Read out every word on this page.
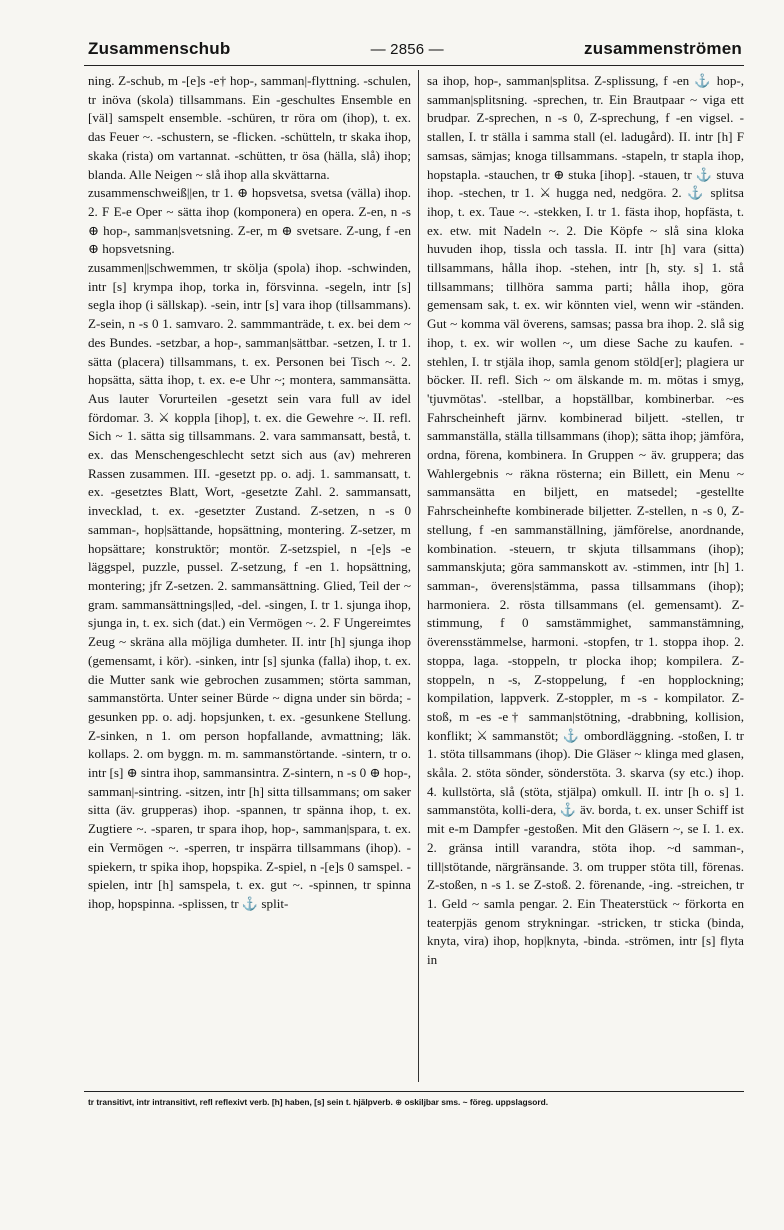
Zusammenschub	— 2856 —	zusammenströmen

ning. Z-schub, m -[e]s -e† hop-, samman|-flyttning. -schulen, tr inöva (skola) tillsammans. Ein -geschultes Ensemble en [väl] samspelt ensemble. -schüren, tr röra om (ihop), t. ex. das Feuer ~. -schustern, se -flicken. -schütteln, tr skaka ihop, skaka (rista) om vartannat. -schütten, tr ösa (hälla, slå) ihop; blanda. Alle Neigen ~ slå ihop alla skvättarna.

zusammenschweiß||en, tr 1. ⊕ hopsvetsa, svetsa (välla) ihop. 2. F E-e Oper ~ sätta ihop (komponera) en opera. Z-en, n -s ⊕ hop-, samman|svetsning. Z-er, m ⊕ svetsare. Z-ung, f -en ⊕ hopsvetsning.

zusammen||schwemmen, tr skölja (spola) ihop. -schwinden, intr [s] krympa ihop, torka in, försvinna. -segeln, intr [s] segla ihop (i sällskap). -sein, intr [s] vara ihop (tillsammans). Z-sein, n -s 0 1. samvaro. 2. sammmanträde, t. ex. bei dem ~ des Bundes. -setzbar, a hop-, samman|sättbar. -setzen, I. tr 1. sätta (placera) tillsammans, t. ex. Personen bei Tisch ~. 2. hopsätta, sätta ihop, t. ex. e-e Uhr ~; montera, sammansätta. Aus lauter Vorurteilen -gesetzt sein vara full av idel fördomar. 3. ⚔ koppla [ihop], t. ex. die Gewehre ~. II. refl. Sich ~ 1. sätta sig tillsammans. 2. vara sammansatt, bestå, t. ex. das Menschengeschlecht setzt sich aus (av) mehreren Rassen zusammen. III. -gesetzt pp. o. adj. 1. sammansatt, t. ex. -gesetztes Blatt, Wort, -gesetzte Zahl. 2. sammansatt, invecklad, t. ex. -gesetzter Zustand. Z-setzen, n -s 0 samman-, hop|sättande, hopsättning, montering. Z-setzer, m hopsättare; konstruktör; montör. Z-setzspiel, n -[e]s -e läggspel, puzzle, pussel. Z-setzung, f -en 1. hopsättning, montering; jfr Z-setzen. 2. sammansättning. Glied, Teil der ~ gram. sammansättnings|led, -del. -singen, I. tr 1. sjunga ihop, sjunga in, t. ex. sich (dat.) ein Vermögen ~. 2. F Ungereimtes Zeug ~ skräna alla möjliga dumheter. II. intr [h] sjunga ihop (gemensamt, i kör). -sinken, intr [s] sjunka (falla) ihop, t. ex. die Mutter sank wie gebrochen zusammen; störta samman, sammanstörta. Unter seiner Bürde ~ digna under sin börda; -gesunken pp. o. adj. hopsjunken, t. ex. -gesunkene Stellung. Z-sinken, n 1. om person hopfallande, avmattning; läk. kollaps. 2. om byggn. m. m. sammanstörtande. -sintern, tr o. intr [s] ⊕ sintra ihop, sammansintra. Z-sintern, n -s 0 ⊕ hop-, samman|-sintring. -sitzen, intr [h] sitta tillsammans; om saker sitta (äv. grupperas) ihop. -spannen, tr spänna ihop, t. ex. Zugtiere ~. -sparen, tr spara ihop, hop-, samman|spara, t. ex. ein Vermögen ~. -sperren, tr inspärra tillsammans (ihop). -spiekern, tr spika ihop, hopspika. Z-spiel, n -[e]s 0 samspel. -spielen, intr [h] samspela, t. ex. gut ~. -spinnen, tr spinna ihop, hopspinna. -splissen, tr ⚓ split-

sa ihop, hop-, samman|splitsa. Z-splissung, f -en ⚓ hop-, samman|splitsning. -sprechen, tr. Ein Brautpaar ~ viga ett brudpar. Z-sprechen, n -s 0, Z-sprechung, f -en vigsel. -stallen, I. tr ställa i samma stall (el. ladugård). II. intr [h] F samsas, sämjas; knoga tillsammans. -stapeln, tr stapla ihop, hopstapla. -stauchen, tr ⊕ stuka [ihop]. -stauen, tr ⚓ stuva ihop. -stechen, tr 1. ⚔ hugga ned, nedgöra. 2. ⚓ splitsa ihop, t. ex. Taue ~. -stekken, I. tr 1. fästa ihop, hopfästa, t. ex. etw. mit Nadeln ~. 2. Die Köpfe ~ slå sina kloka huvuden ihop, tissla och tassla. II. intr [h] vara (sitta) tillsammans, hålla ihop. -stehen, intr [h, sty. s] 1. stå tillsammans; tillhöra samma parti; hålla ihop, göra gemensam sak, t. ex. wir könnten viel, wenn wir -ständen. Gut ~ komma väl överens, samsas; passa bra ihop. 2. slå sig ihop, t. ex. wir wollen ~, um diese Sache zu kaufen. -stehlen, I. tr stjäla ihop, samla genom stöld[er]; plagiera ur böcker. II. refl. Sich ~ om älskande m. m. mötas i smyg, 'tjuvmötas'. -stellbar, a hopställbar, kombinerbar. ~es Fahrscheinheft järnv. kombinerad biljett. -stellen, tr sammanställa, ställa tillsammans (ihop); sätta ihop; jämföra, ordna, förena, kombinera. In Gruppen ~ äv. gruppera; das Wahlergebnis ~ räkna rösterna; ein Billett, ein Menu ~ sammansätta en biljett, en matsedel; -gestellte Fahrscheinhefte kombinerade biljetter. Z-stellen, n -s 0, Z-stellung, f -en sammanställning, jämförelse, anordnande, kombination. -steuern, tr skjuta tillsammans (ihop); sammanskjuta; göra sammanskott av. -stimmen, intr [h] 1. samman-, överens|stämma, passa tillsammans (ihop); harmoniera. 2. rösta tillsammans (el. gemensamt). Z-stimmung, f 0 samstämmighet, sammanstämning, överensstämmelse, harmoni. -stopfen, tr 1. stoppa ihop. 2. stoppa, laga. -stoppeln, tr plocka ihop; kompilera. Z-stoppeln, n -s, Z-stoppelung, f -en hopplockning; kompilation, lappverk. Z-stoppler, m -s - kompilator. Z-stoß, m -es -e† samman|stötning, -drabbning, kollision, konflikt; ⚔ sammanstöt; ⚓ ombordläggning. -stoßen, I. tr 1. stöta tillsammans (ihop). Die Gläser ~ klinga med glasen, skåla. 2. stöta sönder, sönderstöta. 3. skarva (sy etc.) ihop. 4. kullstörta, slå (stöta, stjälpa) omkull. II. intr [h o. s] 1. sammanstöta, kolli-dera, ⚓ äv. borda, t. ex. unser Schiff ist mit e-m Dampfer -gestoßen. Mit den Gläsern ~, se I. 1. ex. 2. gränsa intill varandra, stöta ihop. ~d samman-, till|stötande, närgränsande. 3. om trupper stöta till, förenas. Z-stoßen, n -s 1. se Z-stoß. 2. förenande, -ing. -streichen, tr 1. Geld ~ samla pengar. 2. Ein Theaterstück ~ förkorta en teaterpjäs genom strykningar. -stricken, tr sticka (binda, knyta, vira) ihop, hop|knyta, -binda. -strömen, intr [s] flyta in

tr transitivt, intr intransitivt, refl reflexivt verb. [h] haben, [s] sein t. hjälpverb. ⊕ oskiljbar sms. ~ föreg. uppslagsord.
